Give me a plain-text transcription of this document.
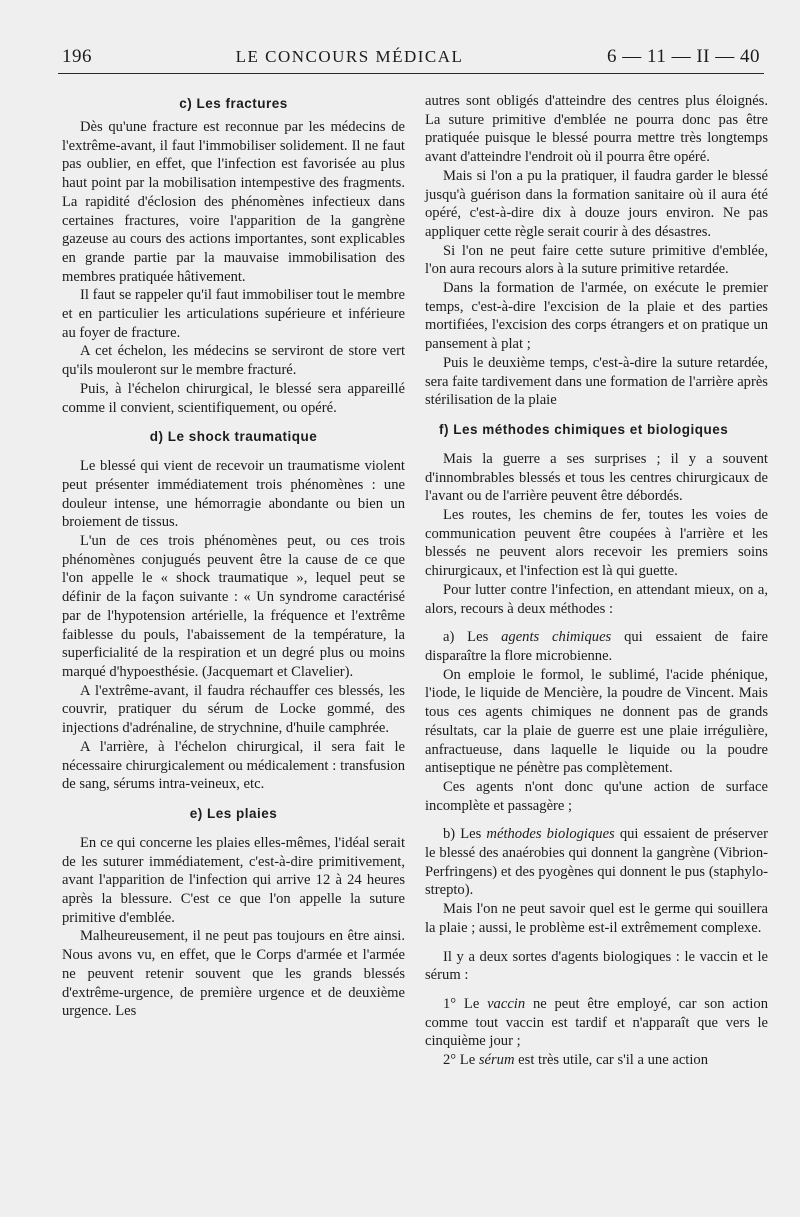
196	LE CONCOURS MÉDICAL	6 — 11 — II — 40
c) Les fractures

Dès qu'une fracture est reconnue par les médecins de l'extrême-avant, il faut l'immobiliser solidement. Il ne faut pas oublier, en effet, que l'infection est favorisée au plus haut point par la mobilisation intempestive des fragments. La rapidité d'éclosion des phénomènes infectieux dans certaines fractures, voire l'apparition de la gangrène gazeuse au cours des actions importantes, sont explicables en grande partie par la mauvaise immobilisation des membres pratiquée hâtivement.

Il faut se rappeler qu'il faut immobiliser tout le membre et en particulier les articulations supérieure et inférieure au foyer de fracture.

A cet échelon, les médecins se serviront de store vert qu'ils mouleront sur le membre fracturé.

Puis, à l'échelon chirurgical, le blessé sera appareillé comme il convient, scientifiquement, ou opéré.

d) Le shock traumatique

Le blessé qui vient de recevoir un traumatisme violent peut présenter immédiatement trois phénomènes : une douleur intense, une hémorragie abondante ou bien un broiement de tissus.

L'un de ces trois phénomènes peut, ou ces trois phénomènes conjugués peuvent être la cause de ce que l'on appelle le « shock traumatique », lequel peut se définir de la façon suivante : « Un syndrome caractérisé par de l'hypotension artérielle, la fréquence et l'extrême faiblesse du pouls, l'abaissement de la température, la superficialité de la respiration et un degré plus ou moins marqué d'hypoesthésie. (Jacquemart et Clavelier).

A l'extrême-avant, il faudra réchauffer ces blessés, les couvrir, pratiquer du sérum de Locke gommé, des injections d'adrénaline, de strychnine, d'huile camphrée.

A l'arrière, à l'échelon chirurgical, il sera fait le nécessaire chirurgicalement ou médicalement : transfusion de sang, sérums intra-veineux, etc.

e) Les plaies

En ce qui concerne les plaies elles-mêmes, l'idéal serait de les suturer immédiatement, c'est-à-dire primitivement, avant l'apparition de l'infection qui arrive 12 à 24 heures après la blessure. C'est ce que l'on appelle la suture primitive d'emblée.

Malheureusement, il ne peut pas toujours en être ainsi. Nous avons vu, en effet, que le Corps d'armée et l'armée ne peuvent retenir souvent que les grands blessés d'extrême-urgence, de première urgence et de deuxième urgence. Les

autres sont obligés d'atteindre des centres plus éloignés. La suture primitive d'emblée ne pourra donc pas être pratiquée puisque le blessé pourra mettre très longtemps avant d'atteindre l'endroit où il pourra être opéré.

Mais si l'on a pu la pratiquer, il faudra garder le blessé jusqu'à guérison dans la formation sanitaire où il aura été opéré, c'est-à-dire dix à douze jours environ. Ne pas appliquer cette règle serait courir à des désastres.

Si l'on ne peut faire cette suture primitive d'emblée, l'on aura recours alors à la suture primitive retardée.

Dans la formation de l'armée, on exécute le premier temps, c'est-à-dire l'excision de la plaie et des parties mortifiées, l'excision des corps étrangers et on pratique un pansement à plat ;

Puis le deuxième temps, c'est-à-dire la suture retardée, sera faite tardivement dans une formation de l'arrière après stérilisation de la plaie

f) Les méthodes chimiques et biologiques

Mais la guerre a ses surprises ; il y a souvent d'innombrables blessés et tous les centres chirurgicaux de l'avant ou de l'arrière peuvent être débordés.

Les routes, les chemins de fer, toutes les voies de communication peuvent être coupées à l'arrière et les blessés ne peuvent alors recevoir les premiers soins chirurgicaux, et l'infection est là qui guette.

Pour lutter contre l'infection, en attendant mieux, on a, alors, recours à deux méthodes :

a) Les agents chimiques qui essaient de faire disparaître la flore microbienne.

On emploie le formol, le sublimé, l'acide phénique, l'iode, le liquide de Mencière, la poudre de Vincent. Mais tous ces agents chimiques ne donnent pas de grands résultats, car la plaie de guerre est une plaie irrégulière, anfractueuse, dans laquelle le liquide ou la poudre antiseptique ne pénètre pas complètement.

Ces agents n'ont donc qu'une action de surface incomplète et passagère ;

b) Les méthodes biologiques qui essaient de préserver le blessé des anaérobies qui donnent la gangrène (Vibrion-Perfringens) et des pyogènes qui donnent le pus (staphylo-strepto).

Mais l'on ne peut savoir quel est le germe qui souillera la plaie ; aussi, le problème est-il extrêmement complexe.

Il y a deux sortes d'agents biologiques : le vaccin et le sérum :

1° Le vaccin ne peut être employé, car son action comme tout vaccin est tardif et n'apparaît que vers le cinquième jour ;

2° Le sérum est très utile, car s'il a une action
